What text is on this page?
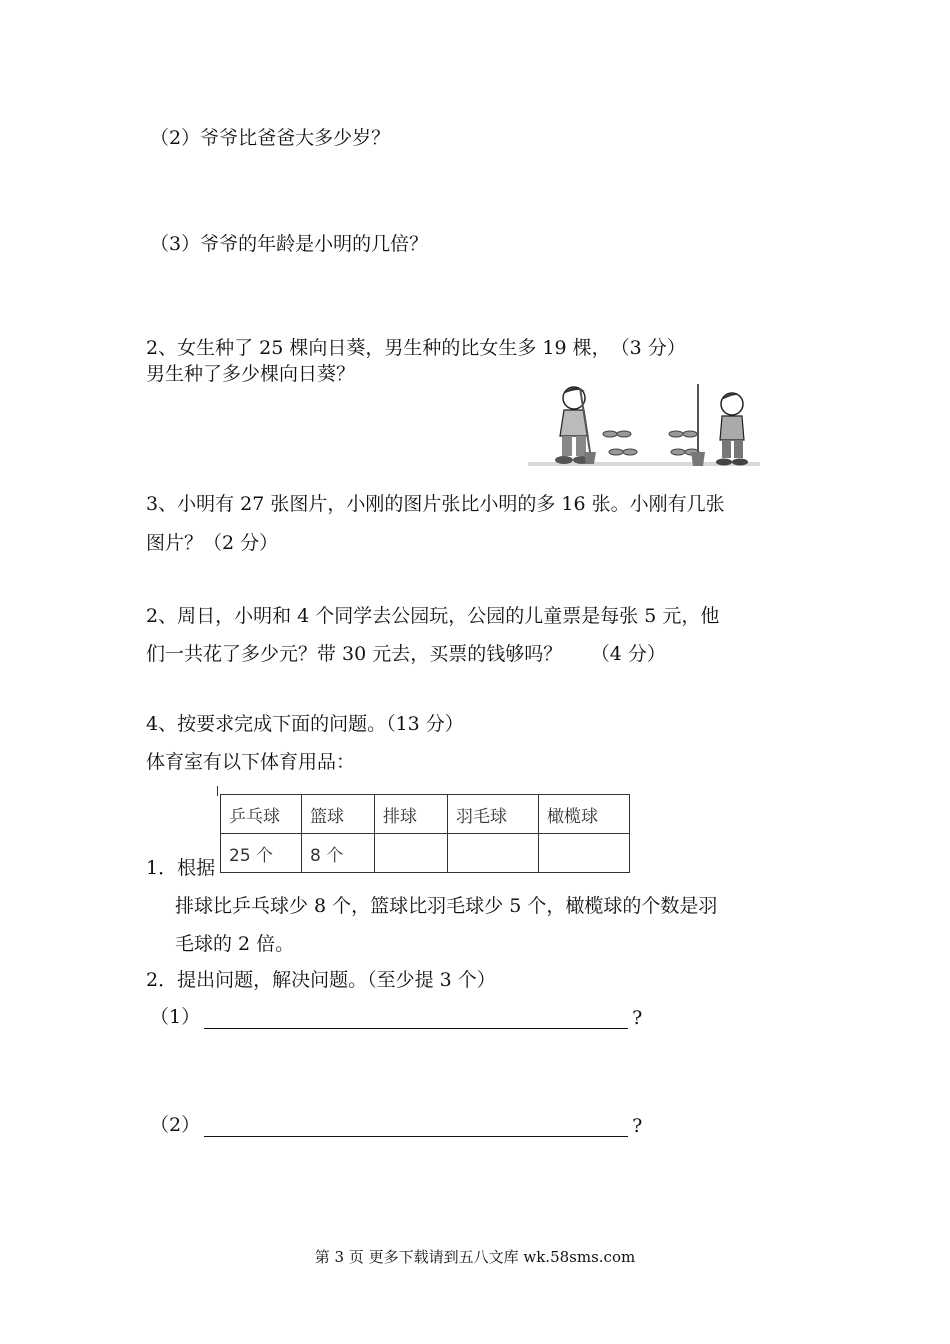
（2）爷爷比爸爸大多少岁？
（3）爷爷的年龄是小明的几倍？
2、女生种了 25 棵向日葵，男生种的比女生多 19 棵，　（3 分）
男生种了多少棵向日葵？
3、小明有 27 张图片，小刚的图片张比小明的多 16 张。小刚有几张
图片？（2 分）
2、周日，小明和 4 个同学去公园玩，公园的儿童票是每张 5 元，他
们一共花了多少元？带 30 元去，买票的钱够吗？　　（4 分）
4、按要求完成下面的问题。（13 分）
体育室有以下体育用品：
1．根据
乒乓球	篮球	排球	羽毛球	橄榄球
25 个	8 个			
排球比乒乓球少 8 个，篮球比羽毛球少 5 个，橄榄球的个数是羽
毛球的 2 倍。
2．提出问题，解决问题。（至少提 3 个）
（1）	?
（2）	?
第 3 页 更多下载请到五八文库 wk.58sms.com
